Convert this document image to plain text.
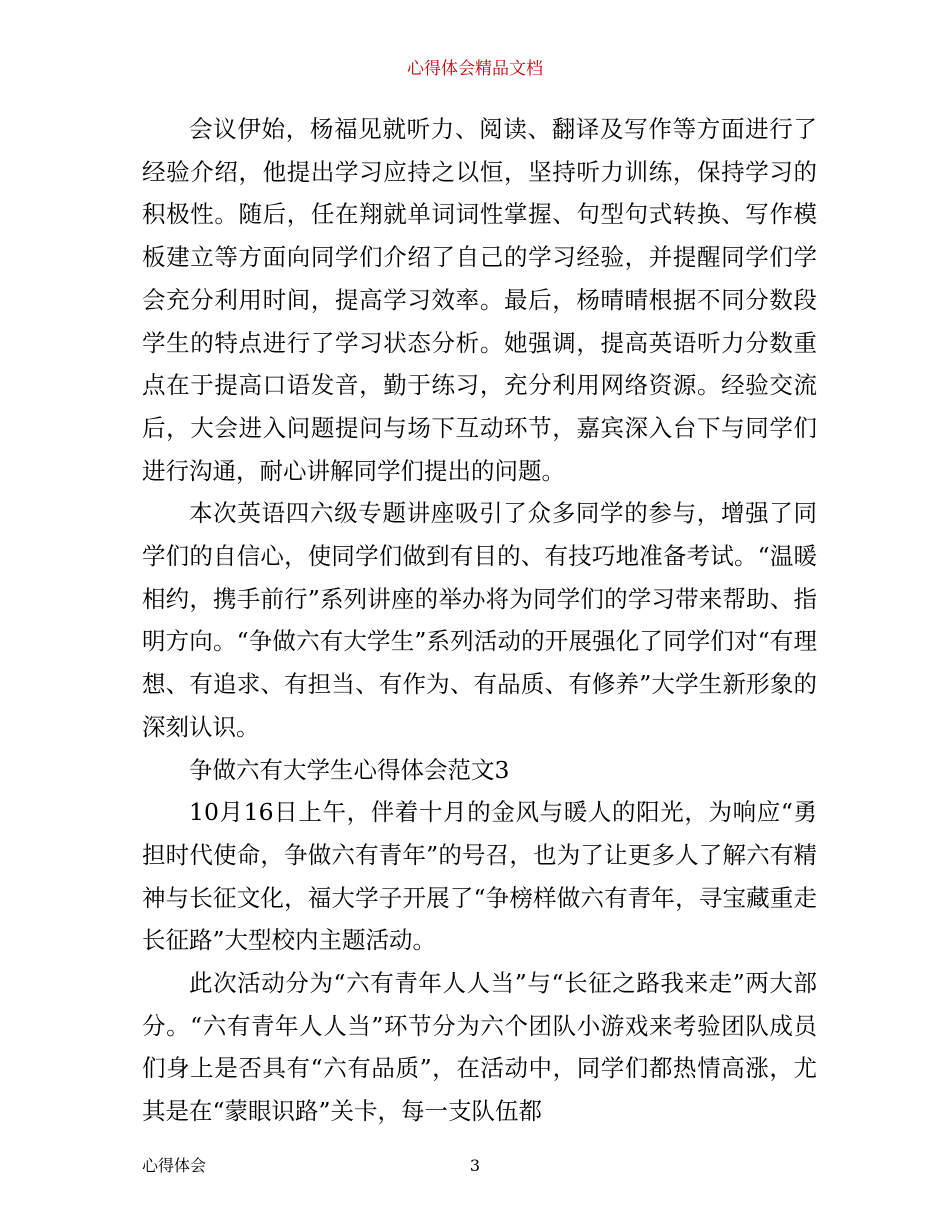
心得体会精品文档

会议伊始，杨福见就听力、阅读、翻译及写作等方面进行了经验介绍，他提出学习应持之以恒，坚持听力训练，保持学习的积极性。随后，任在翔就单词词性掌握、句型句式转换、写作模板建立等方面向同学们介绍了自己的学习经验，并提醒同学们学会充分利用时间，提高学习效率。最后，杨晴晴根据不同分数段学生的特点进行了学习状态分析。她强调，提高英语听力分数重点在于提高口语发音，勤于练习，充分利用网络资源。经验交流后，大会进入问题提问与场下互动环节，嘉宾深入台下与同学们进行沟通，耐心讲解同学们提出的问题。

本次英语四六级专题讲座吸引了众多同学的参与，增强了同学们的自信心，使同学们做到有目的、有技巧地准备考试。“温暖相约，携手前行”系列讲座的举办将为同学们的学习带来帮助、指明方向。“争做六有大学生”系列活动的开展强化了同学们对“有理想、有追求、有担当、有作为、有品质、有修养”大学生新形象的深刻认识。

争做六有大学生心得体会范文3

10月16日上午，伴着十月的金风与暖人的阳光，为响应“勇担时代使命，争做六有青年”的号召，也为了让更多人了解六有精神与长征文化，福大学子开展了“争榜样做六有青年，寻宝藏重走长征路”大型校内主题活动。

此次活动分为“六有青年人人当”与“长征之路我来走”两大部分。“六有青年人人当”环节分为六个团队小游戏来考验团队成员们身上是否具有“六有品质”，在活动中，同学们都热情高涨，尤其是在“蒙眼识路”关卡，每一支队伍都

心得体会	3
